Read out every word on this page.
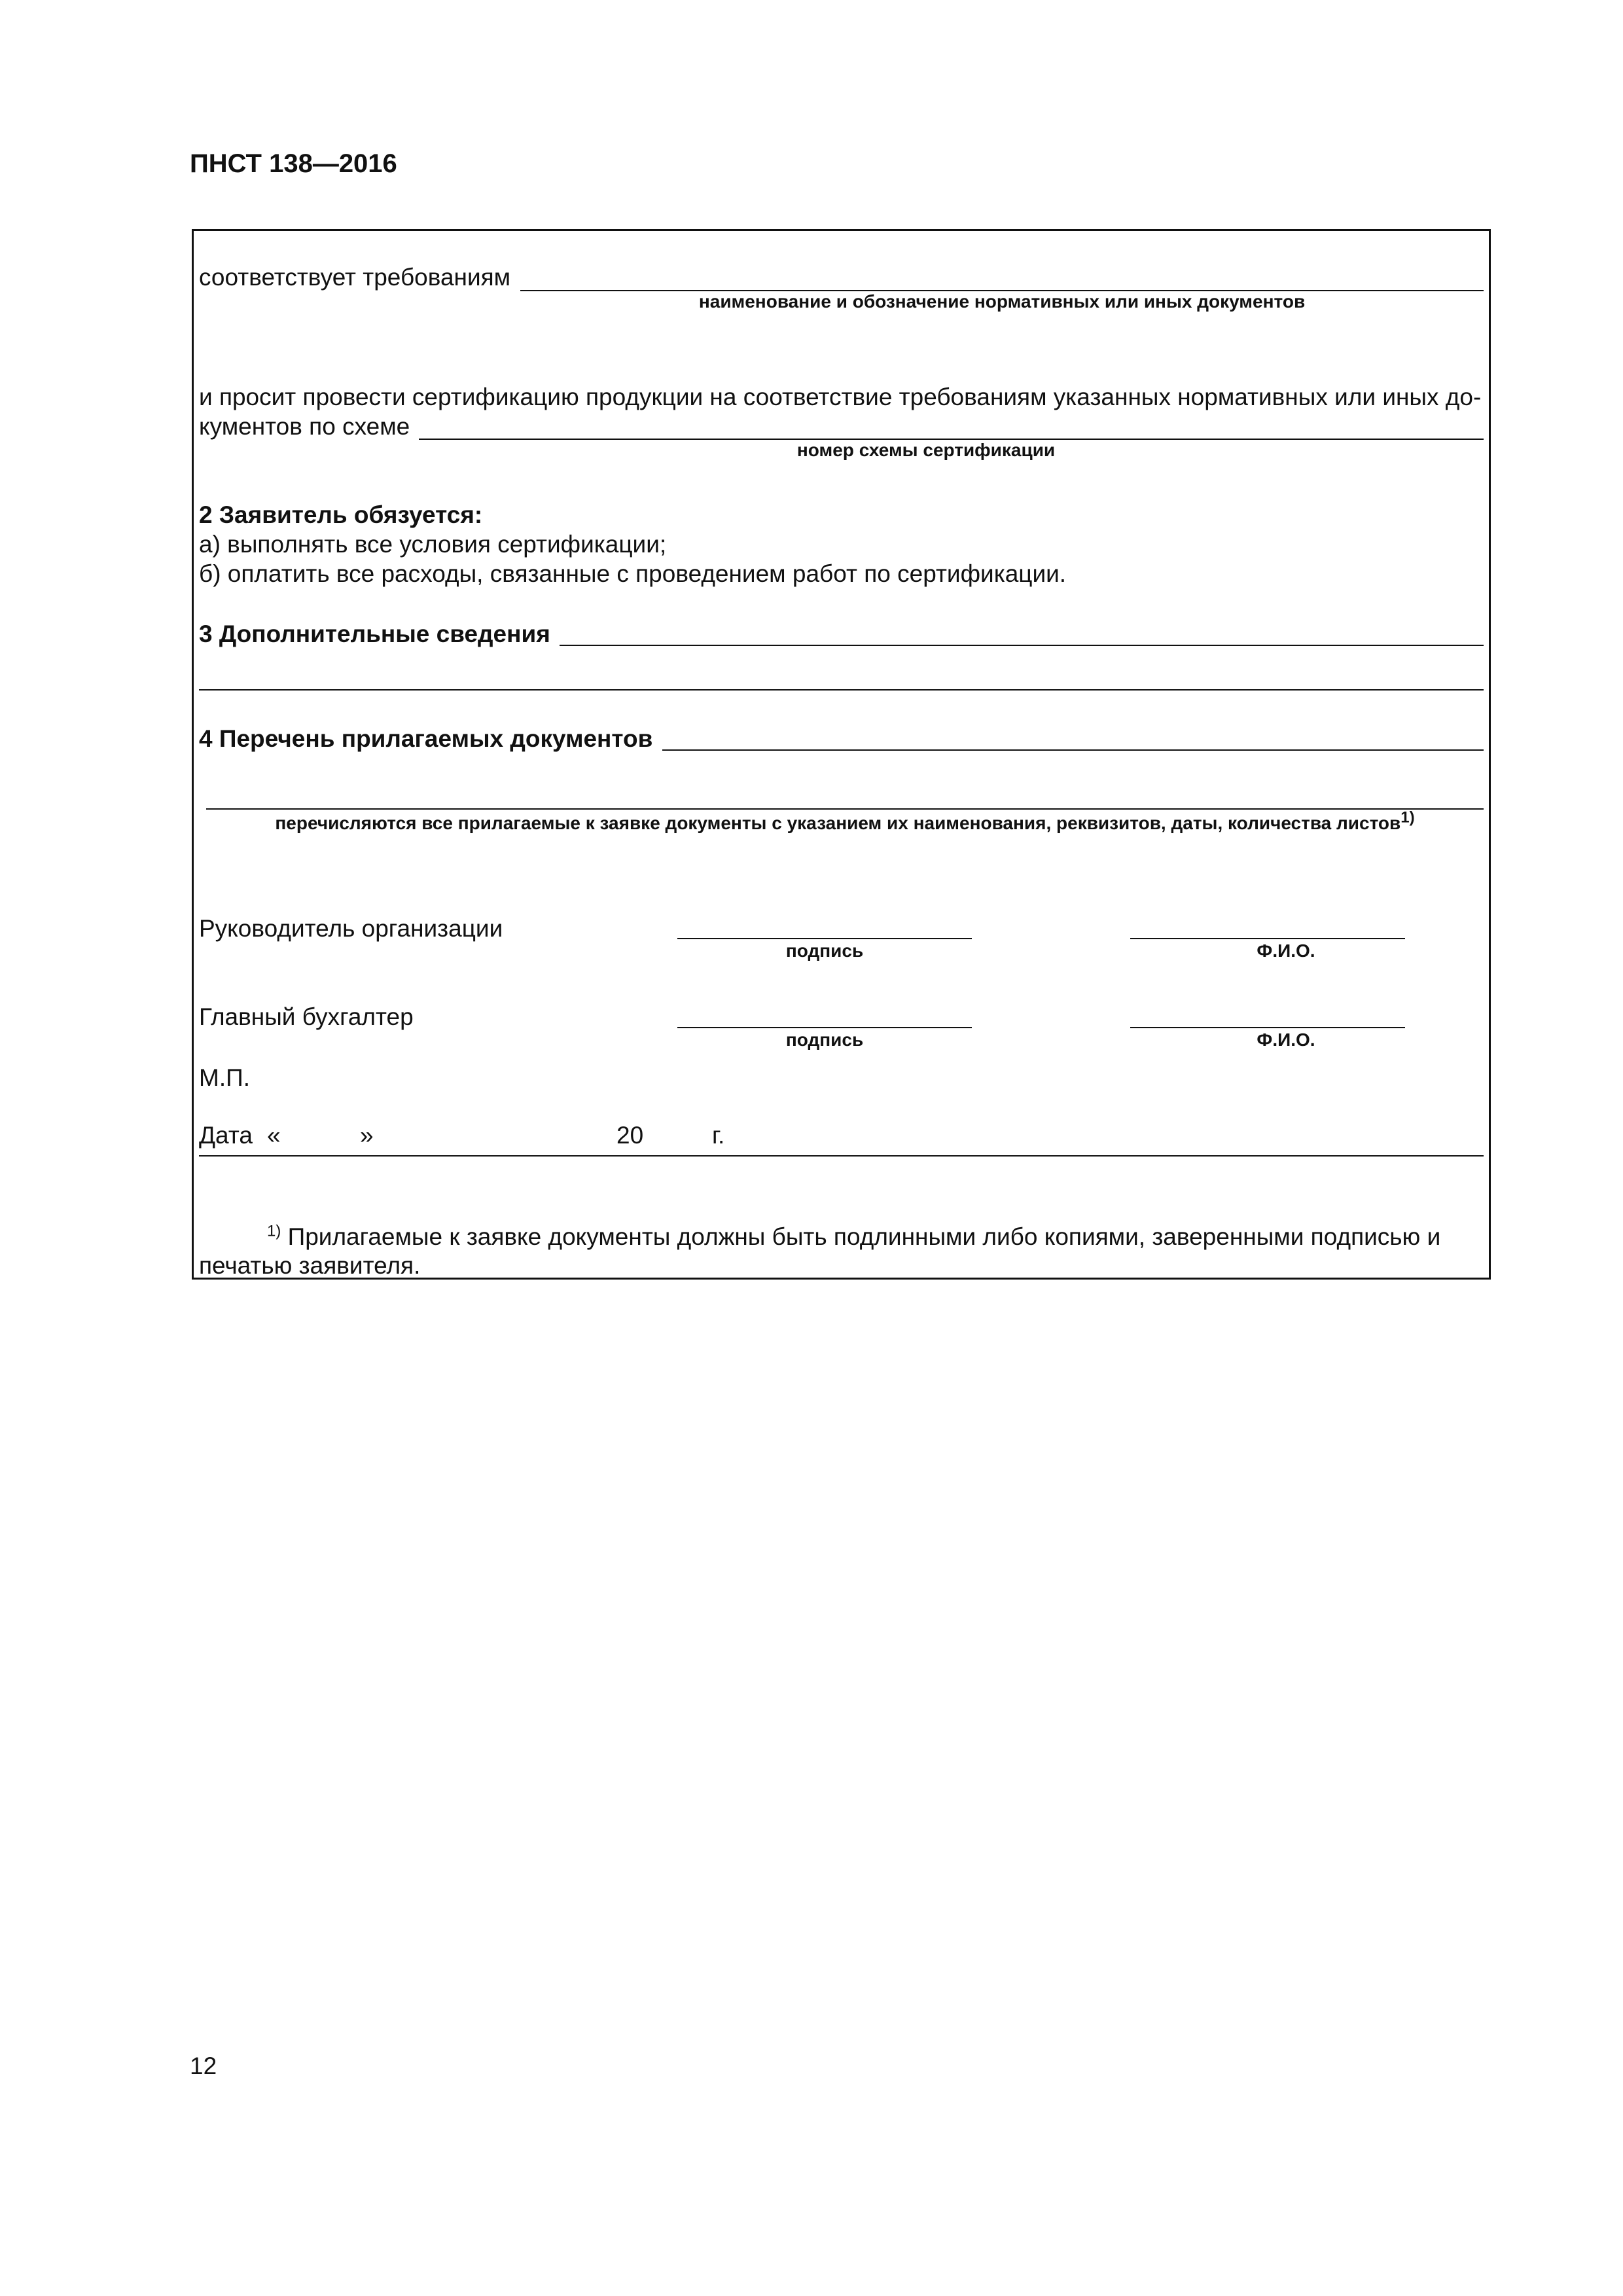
ПНСТ 138—2016
соответствует требованиям
наименование и обозначение нормативных или иных документов
и просит провести сертификацию продукции на соответствие требованиям указанных нормативных или иных до-
кументов по схеме
номер схемы сертификации
2 Заявитель обязуется:
а) выполнять все условия сертификации;
б) оплатить все расходы, связанные с проведением работ по сертификации.
3 Дополнительные сведения
4 Перечень прилагаемых документов
перечисляются все прилагаемые к заявке документы с указанием их наименования, реквизитов, даты, количества листов$^{1)}$
Руководитель организации
подпись	Ф.И.О.
Главный бухгалтер
подпись	Ф.И.О.
М.П.
Дата «	»	20	г.
$^{1)}$ Прилагаемые к заявке документы должны быть подлинными либо копиями, заверенными подписью и
печатью заявителя.
12
